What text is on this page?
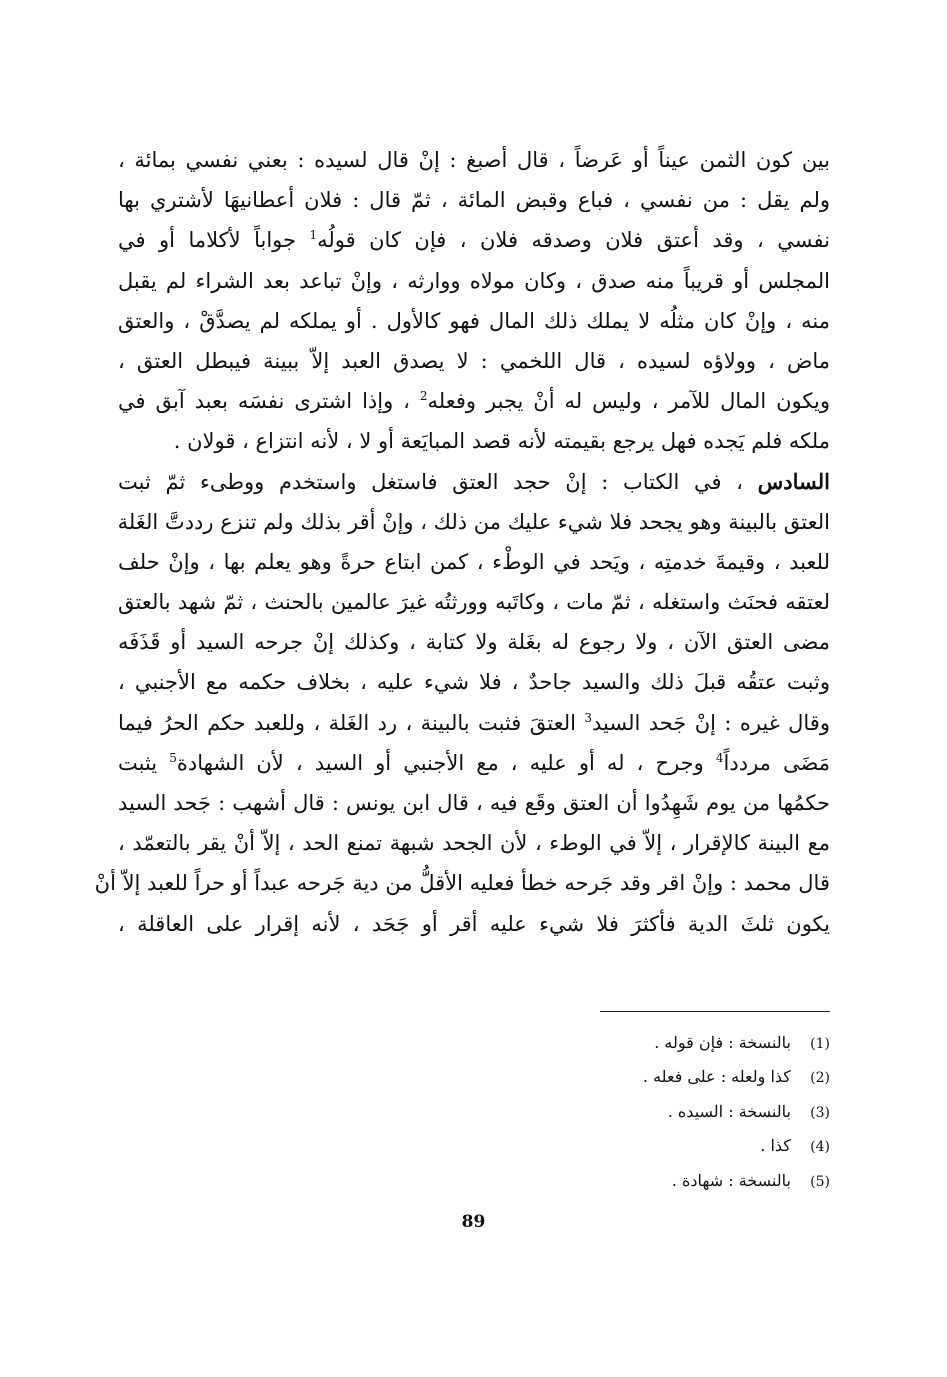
بين كون الثمن عيناً أو عَرضاً ، قال أصبغ : إنْ قال لسيده : بعني نفسي بمائة ،
ولم يقل : من نفسي ، فباع وقبض المائة ، ثمّ قال : فلان أعطانيهَا لأشتري بها
نفسي ، وقد أعتق فلان وصدقه فلان ، فإن كان قولُه$^1$ جواباً لأكلاما أو في
المجلس أو قريباً منه صدق ، وكان مولاه ووارثه ، وإنْ تباعد بعد الشراء لم يقبل
منه ، وإنْ كان مثلُه لا يملك ذلك المال فهو كالأول . أو يملكه لم يصدَّقْ ، والعتق
ماض ، وولاؤه لسيده ، قال اللخمي : لا يصدق العبد إلاّ ببينة فيبطل العتق ،
ويكون المال للآمر ، وليس له أنْ يجبر وفعله$^2$ ، وإذا اشترى نفسَه بعبد آبق في
ملكه فلم يَجده فهل يرجع بقيمته لأنه قصد المبايَعة أو لا ، لأنه انتزاع ، قولان .
السادس ، في الكتاب : إنْ حجد العتق فاستغل واستخدم ووطىء ثمّ ثبت
العتق بالبينة وهو يجحد فلا شيء عليك من ذلك ، وإنْ أقر بذلك ولم تنزع رددتَّ الغَلة
للعبد ، وقيمةَ خدمتِه ، ويَحد في الوطْء ، كمن ابتاع حرةً وهو يعلم بها ، وإنْ حلف
لعتقه فحنَث واستغله ، ثمّ مات ، وكاتَبه وورثتُه غيرَ عالمين بالحنث ، ثمّ شهد بالعتق
مضى العتق الآن ، ولا رجوع له بغَلة ولا كتابة ، وكذلك إنْ جرحه السيد أو قَذَفَه
وثبت عتقُه قبلَ ذلك والسيد جاحدٌ ، فلا شيء عليه ، بخلاف حكمه مع الأجنبي ،
وقال غيره : إنْ جَحد السيد$^3$ العتقَ فثبت بالبينة ، رد الغَلة ، وللعبد حكم الحرُ فيما
مَضَى مردداً$^4$ وجرح ، له أو عليه ، مع الأجنبي أو السيد ، لأن الشهادة$^5$ يثبت
حكمُها من يوم شَهِدُوا أن العتق وقَع فيه ، قال ابن يونس : قال أشهب : جَحد السيد
مع البينة كالإقرار ، إلاّ في الوطء ، لأن الجحد شبهة تمنع الحد ، إلاّ أنْ يقر بالتعمّد ،
قال محمد : وإنْ اقر وقد جَرحه خطأ فعليه الأقلُّ من دية جَرحه عبداً أو حراً للعبد إلاّ أنْ
يكون ثلثَ الدية فأكثرَ فلا شيء عليه أقر أو جَحَد ، لأنه إقرار على العاقلة ،
(1) بالنسخة : فإن قوله .
(2) كذا ولعله : على فعله .
(3) بالنسخة : السيده .
(4) كذا .
(5) بالنسخة : شهادة .
89
